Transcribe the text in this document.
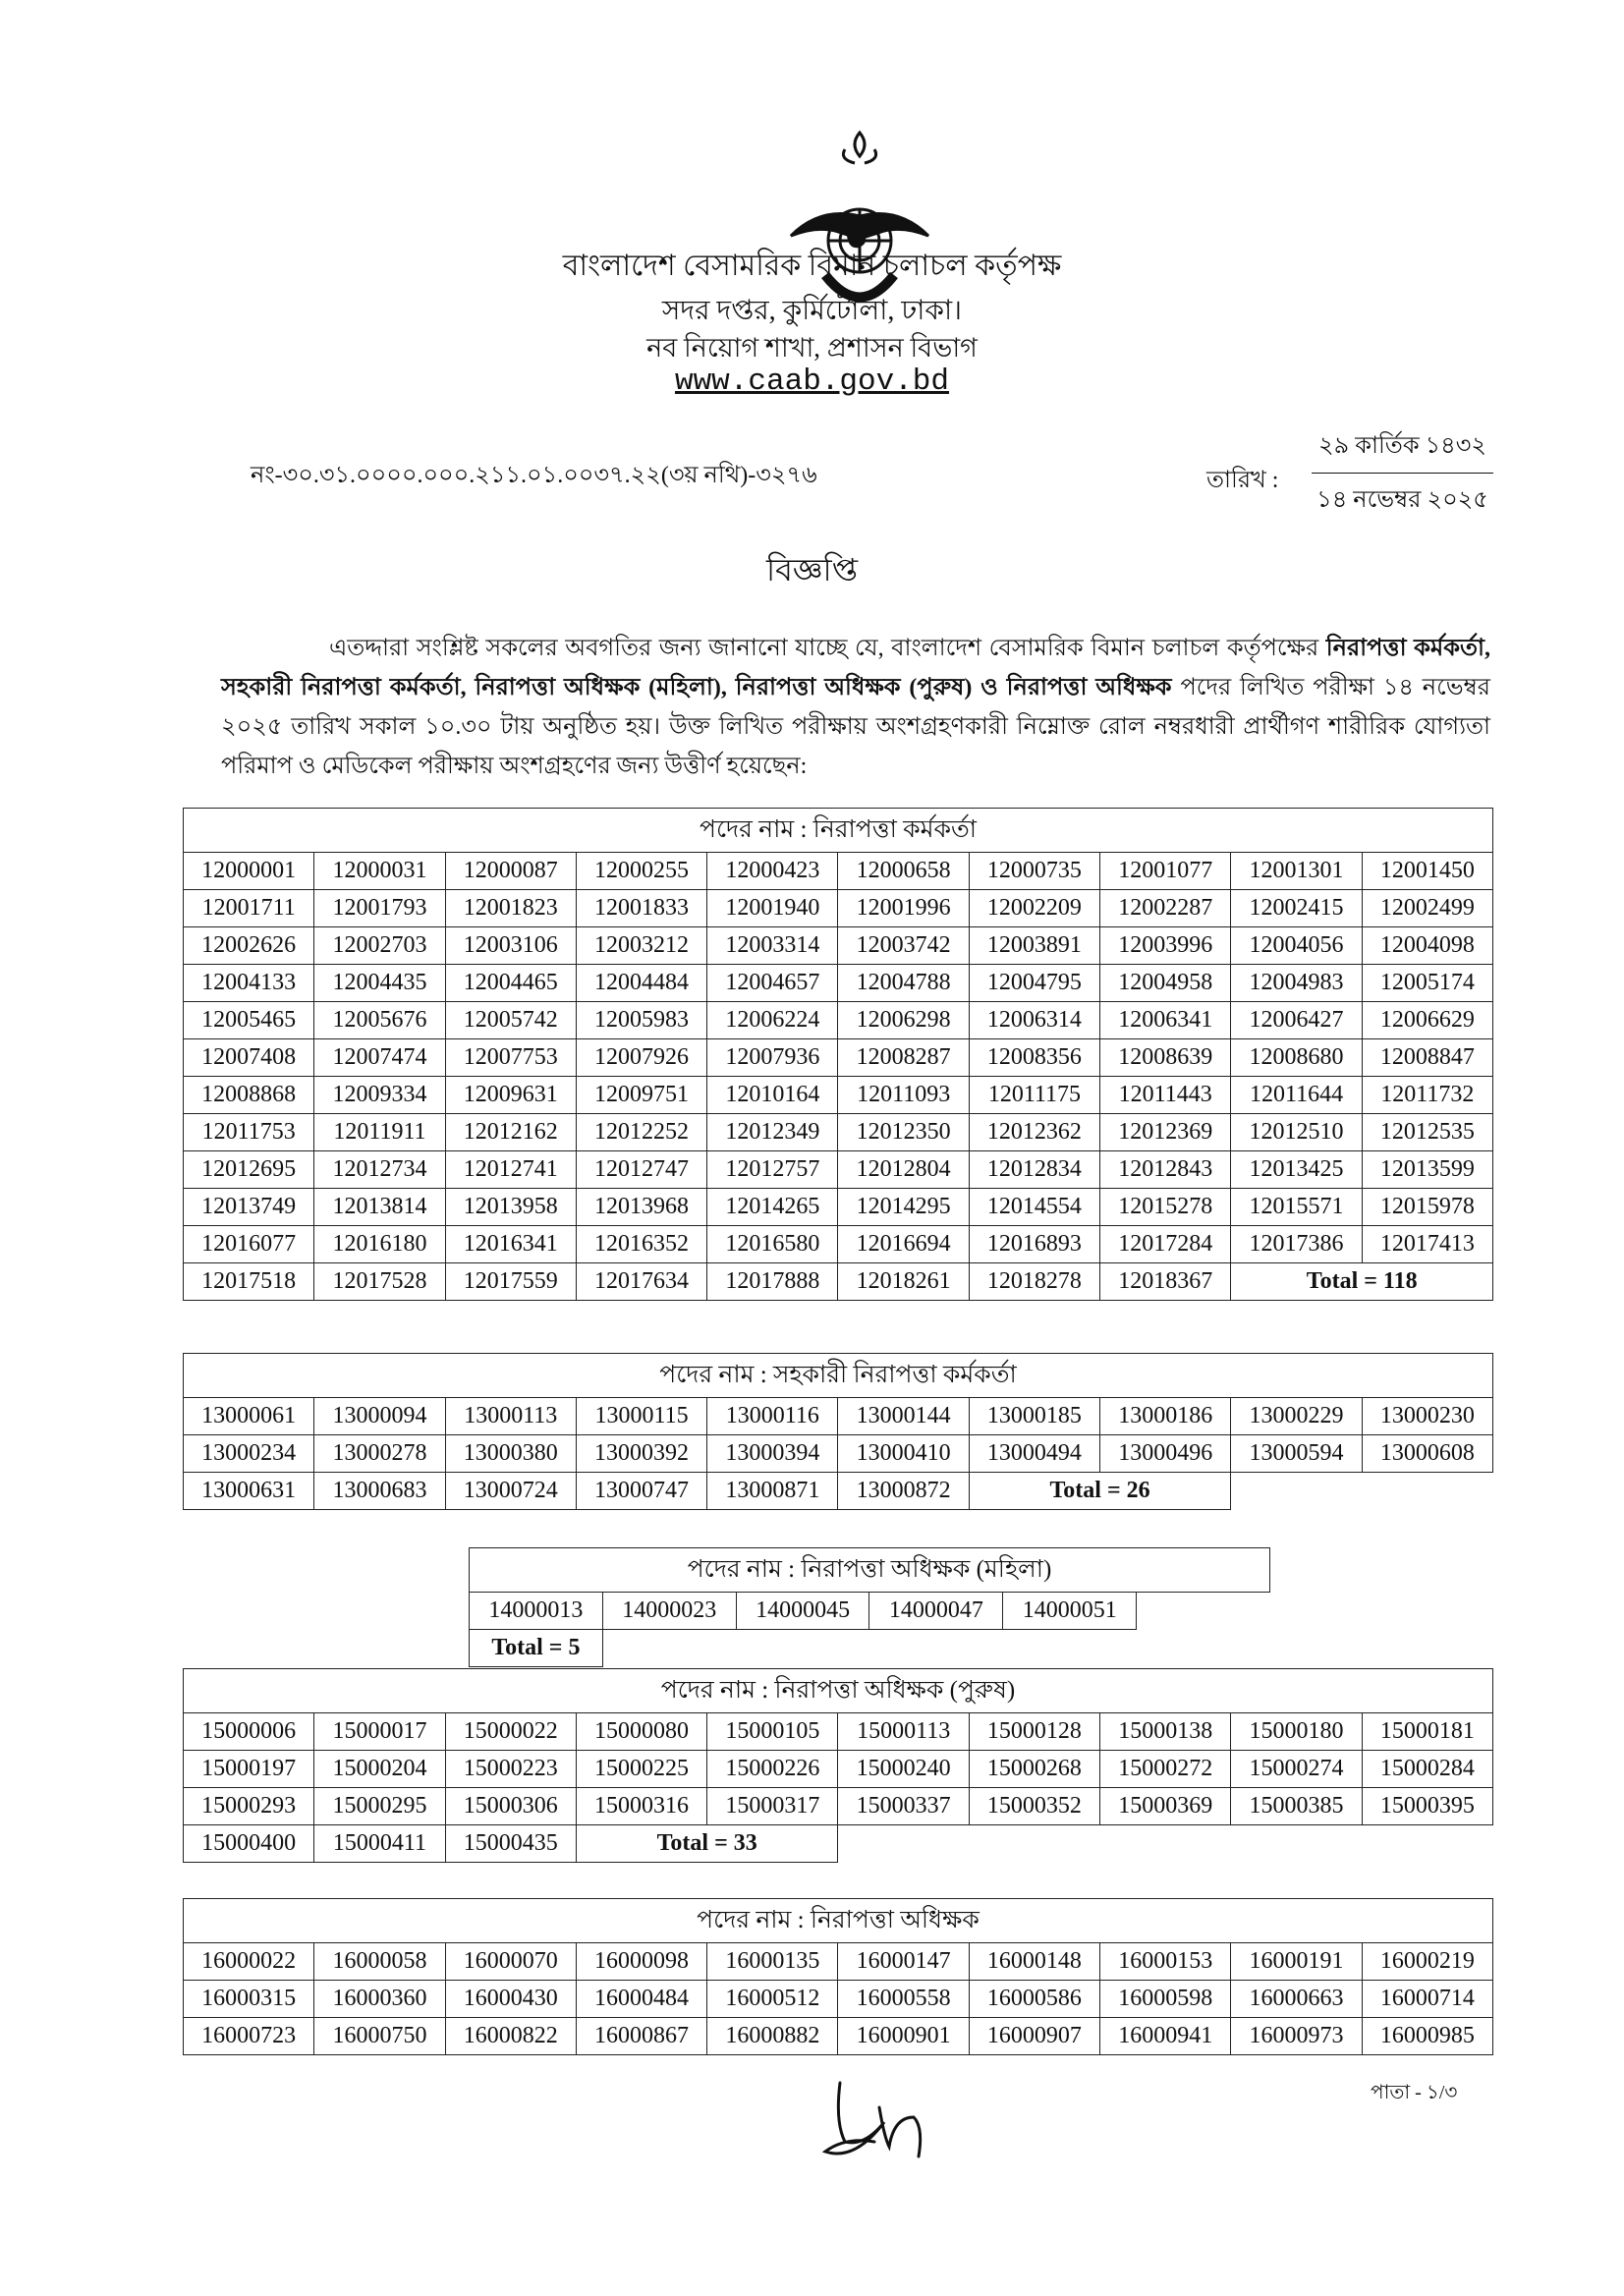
বাংলাদেশ বেসামরিক বিমান চলাচল কর্তৃপক্ষ
সদর দপ্তর, কুর্মিটোলা, ঢাকা।
নব নিয়োগ শাখা, প্রশাসন বিভাগ
www.caab.gov.bd
নং-৩০.৩১.০০০০.০০০.২১১.০১.০০৩৭.২২(৩য় নথি)-৩২৭৬	তারিখ :
২৯ কার্তিক ১৪৩২
১৪ নভেম্বর ২০২৫
বিজ্ঞপ্তি
এতদ্দারা সংশ্লিষ্ট সকলের অবগতির জন্য জানানো যাচ্ছে যে, বাংলাদেশ বেসামরিক বিমান চলাচল কর্তৃপক্ষের নিরাপত্তা কর্মকর্তা, সহকারী নিরাপত্তা কর্মকর্তা, নিরাপত্তা অধিক্ষক (মহিলা), নিরাপত্তা অধিক্ষক (পুরুষ) ও নিরাপত্তা অধিক্ষক পদের লিখিত পরীক্ষা ১৪ নভেম্বর ২০২৫ তারিখ সকাল ১০.৩০ টায় অনুষ্ঠিত হয়। উক্ত লিখিত পরীক্ষায় অংশগ্রহণকারী নিম্নোক্ত রোল নম্বরধারী প্রার্থীগণ শারীরিক যোগ্যতা পরিমাপ ও মেডিকেল পরীক্ষায় অংশগ্রহণের জন্য উত্তীর্ণ হয়েছেন:
পদের নাম : নিরাপত্তা কর্মকর্তা									
12000001	12000031	12000087	12000255	12000423	12000658	12000735	12001077	12001301	12001450
12001711	12001793	12001823	12001833	12001940	12001996	12002209	12002287	12002415	12002499
12002626	12002703	12003106	12003212	12003314	12003742	12003891	12003996	12004056	12004098
12004133	12004435	12004465	12004484	12004657	12004788	12004795	12004958	12004983	12005174
12005465	12005676	12005742	12005983	12006224	12006298	12006314	12006341	12006427	12006629
12007408	12007474	12007753	12007926	12007936	12008287	12008356	12008639	12008680	12008847
12008868	12009334	12009631	12009751	12010164	12011093	12011175	12011443	12011644	12011732
12011753	12011911	12012162	12012252	12012349	12012350	12012362	12012369	12012510	12012535
12012695	12012734	12012741	12012747	12012757	12012804	12012834	12012843	12013425	12013599
12013749	12013814	12013958	12013968	12014265	12014295	12014554	12015278	12015571	12015978
12016077	12016180	12016341	12016352	12016580	12016694	12016893	12017284	12017386	12017413
12017518	12017528	12017559	12017634	12017888	12018261	12018278	12018367	Total = 118	
পদের নাম : সহকারী নিরাপত্তা কর্মকর্তা									
13000061	13000094	13000113	13000115	13000116	13000144	13000185	13000186	13000229	13000230
13000234	13000278	13000380	13000392	13000394	13000410	13000494	13000496	13000594	13000608
13000631	13000683	13000724	13000747	13000871	13000872	Total = 26			
পদের নাম : নিরাপত্তা অধিক্ষক (মহিলা)
14000013	14000023	14000045	14000047	14000051
Total = 5
পদের নাম : নিরাপত্তা অধিক্ষক (পুরুষ)									
15000006	15000017	15000022	15000080	15000105	15000113	15000128	15000138	15000180	15000181
15000197	15000204	15000223	15000225	15000226	15000240	15000268	15000272	15000274	15000284
15000293	15000295	15000306	15000316	15000317	15000337	15000352	15000369	15000385	15000395
15000400	15000411	15000435	Total = 33						
পদের নাম : নিরাপত্তা অধিক্ষক									
16000022	16000058	16000070	16000098	16000135	16000147	16000148	16000153	16000191	16000219
16000315	16000360	16000430	16000484	16000512	16000558	16000586	16000598	16000663	16000714
16000723	16000750	16000822	16000867	16000882	16000901	16000907	16000941	16000973	16000985
পাতা - ১/৩
